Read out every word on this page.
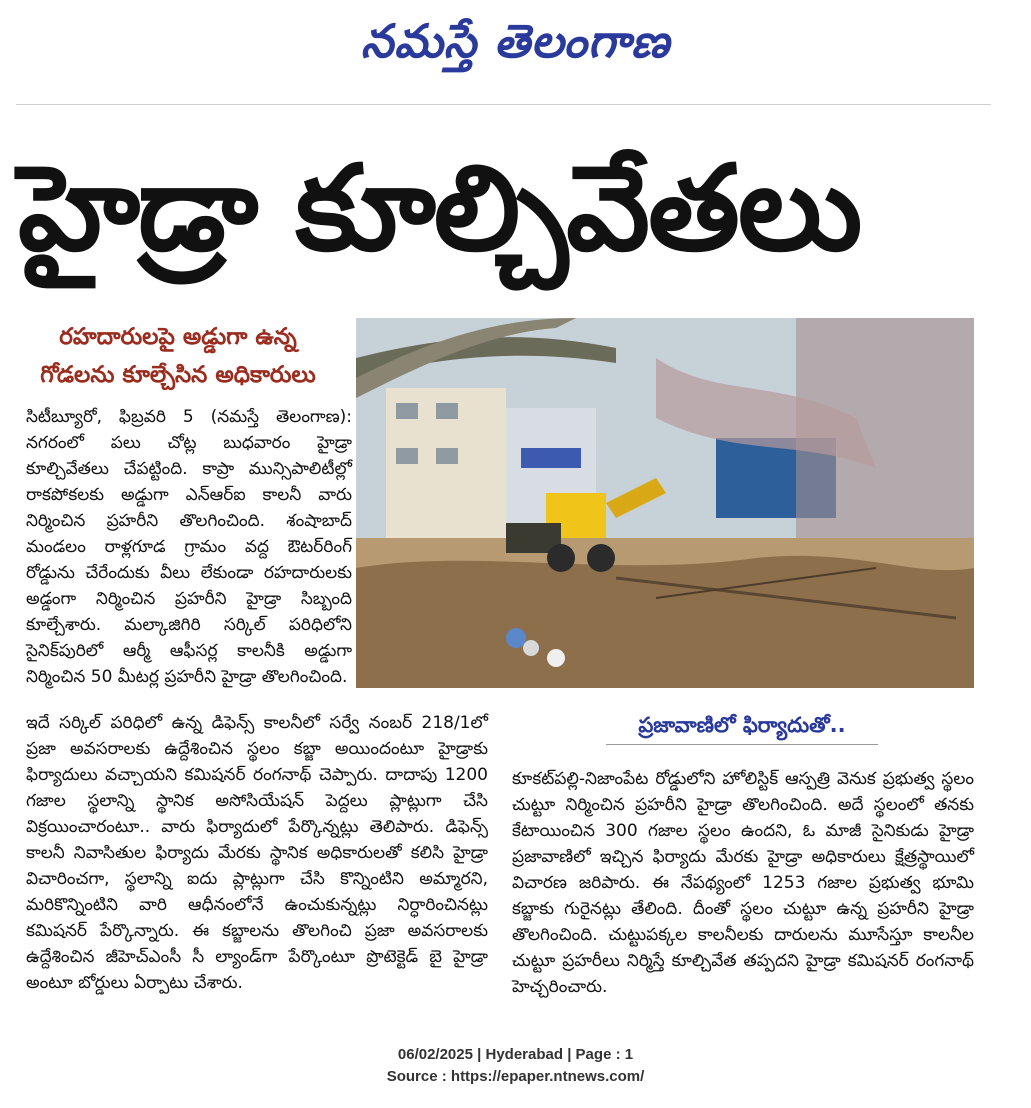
నమస్తే తెలంగాణ
హైడ్రా కూల్చివేతలు
రహదారులపై అడ్డుగా ఉన్న
గోడలను కూల్చేసిన అధికారులు

సిటీబ్యూరో, ఫిబ్రవరి 5 (నమస్తే తెలంగాణ): నగరంలో పలు చోట్ల బుధవారం హైడ్రా కూల్చివేతలు చేపట్టింది. కాప్రా మున్సిపాలిటీల్లో రాకపోకలకు అడ్డుగా ఎన్ఆర్ఐ కాలనీ వారు నిర్మించిన ప్రహరీని తొలగించింది. శంషాబాద్ మండలం రాళ్లగూడ గ్రామం వద్ద ఔటర్‌రింగ్ రోడ్డును చేరేందుకు వీలు లేకుండా రహదారులకు అడ్డంగా నిర్మించిన ప్రహరీని హైడ్రా సిబ్బంది కూల్చేశారు. మల్కాజిగిరి సర్కిల్ పరిధిలోని సైనిక్‌పురిలో ఆర్మీ ఆఫీసర్ల కాలనీకి అడ్డుగా నిర్మించిన 50 మీటర్ల ప్రహరీని హైడ్రా తొలగించింది.

ఇదే సర్కిల్ పరిధిలో ఉన్న డిఫెన్స్ కాలనీలో సర్వే నంబర్ 218/1లో ప్రజా అవసరాలకు ఉద్దేశించిన స్థలం కబ్జా అయిందంటూ హైడ్రాకు ఫిర్యాదులు వచ్చాయని కమిషనర్ రంగనాథ్ చెప్పారు. దాదాపు 1200 గజాల స్థలాన్ని స్థానిక అసోసియేషన్ పెద్దలు ప్లాట్లుగా చేసి విక్రయించారంటూ.. వారు ఫిర్యాదులో పేర్కొన్నట్లు తెలిపారు. డిఫెన్స్ కాలనీ నివాసితుల ఫిర్యాదు మేరకు స్థానిక అధికారులతో కలిసి హైడ్రా విచారించగా, స్థలాన్ని ఐదు ప్లాట్లుగా చేసి కొన్నింటిని అమ్మారని, మరికొన్నింటిని వారి ఆధీనంలోనే ఉంచుకున్నట్లు నిర్ధారించినట్లు కమిషనర్ పేర్కొన్నారు. ఈ కబ్జాలను తొలగించి ప్రజా అవసరాలకు ఉద్దేశించిన జీహెచ్ఎంసీ సీ ల్యాండ్‌గా పేర్కొంటూ ప్రొటెక్టెడ్ బై హైడ్రా అంటూ బోర్డులు ఏర్పాటు చేశారు.

ప్రజావాణిలో ఫిర్యాదుతో..

కూకట్‌పల్లి-నిజాంపేట రోడ్డులోని హోలిస్టిక్ ఆస్పత్రి వెనుక ప్రభుత్వ స్థలం చుట్టూ నిర్మించిన ప్రహరీని హైడ్రా తొలగించింది. అదే స్థలంలో తనకు కేటాయించిన 300 గజాల స్థలం ఉందని, ఓ మాజీ సైనికుడు హైడ్రా ప్రజావాణిలో ఇచ్చిన ఫిర్యాదు మేరకు హైడ్రా అధికారులు క్షేత్రస్థాయిలో విచారణ జరిపారు. ఈ నేపథ్యంలో 1253 గజాల ప్రభుత్వ భూమి కబ్జాకు గురైనట్లు తేలింది. దీంతో స్థలం చుట్టూ ఉన్న ప్రహరీని హైడ్రా తొలగించింది. చుట్టుపక్కల కాలనీలకు దారులను మూసేస్తూ కాలనీల చుట్టూ ప్రహరీలు నిర్మిస్తే కూల్చివేత తప్పదని హైడ్రా కమిషనర్ రంగనాథ్ హెచ్చరించారు.

06/02/2025 | Hyderabad | Page : 1
Source : https://epaper.ntnews.com/
